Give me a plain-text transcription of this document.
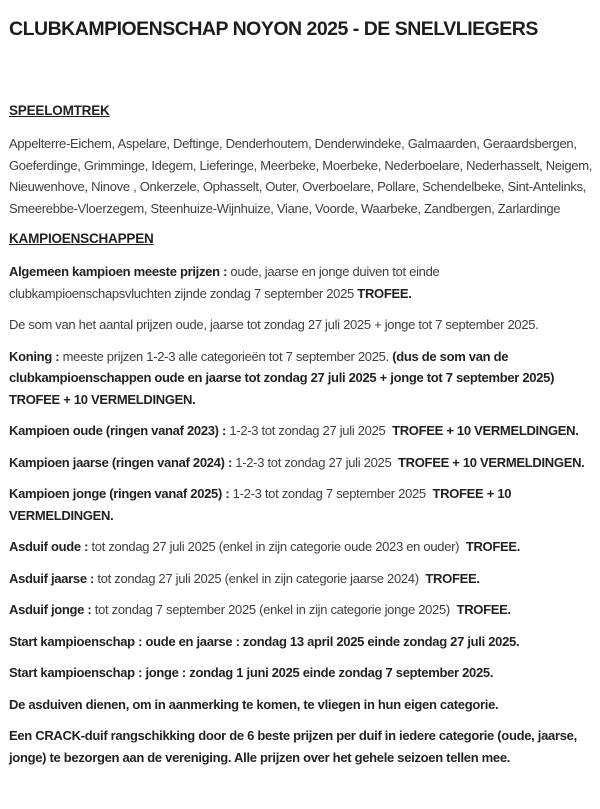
CLUBKAMPIOENSCHAP NOYON 2025 - DE SNELVLIEGERS
SPEELOMTREK

Appelterre-Eichem, Aspelare, Deftinge, Denderhoutem, Denderwindeke, Galmaarden, Geraardsbergen, Goeferdinge, Grimminge, Idegem, Lieferinge, Meerbeke, Moerbeke, Nederboelare, Nederhasselt, Neigem, Nieuwenhove, Ninove , Onkerzele, Ophasselt, Outer, Overboelare, Pollare, Schendelbeke, Sint-Antelinks, Smeerebbe-Vloerzegem, Steenhuize-Wijnhuize, Viane, Voorde, Waarbeke, Zandbergen, Zarlardinge

KAMPIOENSCHAPPEN

Algemeen kampioen meeste prijzen : oude, jaarse en jonge duiven tot einde clubkampioenschapsvluchten zijnde zondag 7 september 2025 TROFEE.

De som van het aantal prijzen oude, jaarse tot zondag 27 juli 2025 + jonge tot 7 september 2025.

Koning : meeste prijzen 1-2-3 alle categorieën tot 7 september 2025. (dus de som van de clubkampioenschappen oude en jaarse tot zondag 27 juli 2025 + jonge tot 7 september 2025) TROFEE + 10 VERMELDINGEN.

Kampioen oude (ringen vanaf 2023) : 1-2-3 tot zondag 27 juli 2025  TROFEE + 10 VERMELDINGEN.

Kampioen jaarse (ringen vanaf 2024) : 1-2-3 tot zondag 27 juli 2025  TROFEE + 10 VERMELDINGEN.

Kampioen jonge (ringen vanaf 2025) : 1-2-3 tot zondag 7 september 2025  TROFEE + 10 VERMELDINGEN.

Asduif oude : tot zondag 27 juli 2025 (enkel in zijn categorie oude 2023 en ouder)  TROFEE.

Asduif jaarse : tot zondag 27 juli 2025 (enkel in zijn categorie jaarse 2024)  TROFEE.

Asduif jonge : tot zondag 7 september 2025 (enkel in zijn categorie jonge 2025)  TROFEE.

Start kampioenschap : oude en jaarse : zondag 13 april 2025 einde zondag 27 juli 2025.

Start kampioenschap : jonge : zondag 1 juni 2025 einde zondag 7 september 2025.

De asduiven dienen, om in aanmerking te komen, te vliegen in hun eigen categorie.

Een CRACK-duif rangschikking door de 6 beste prijzen per duif in iedere categorie (oude, jaarse, jonge) te bezorgen aan de vereniging. Alle prijzen over het gehele seizoen tellen mee.
